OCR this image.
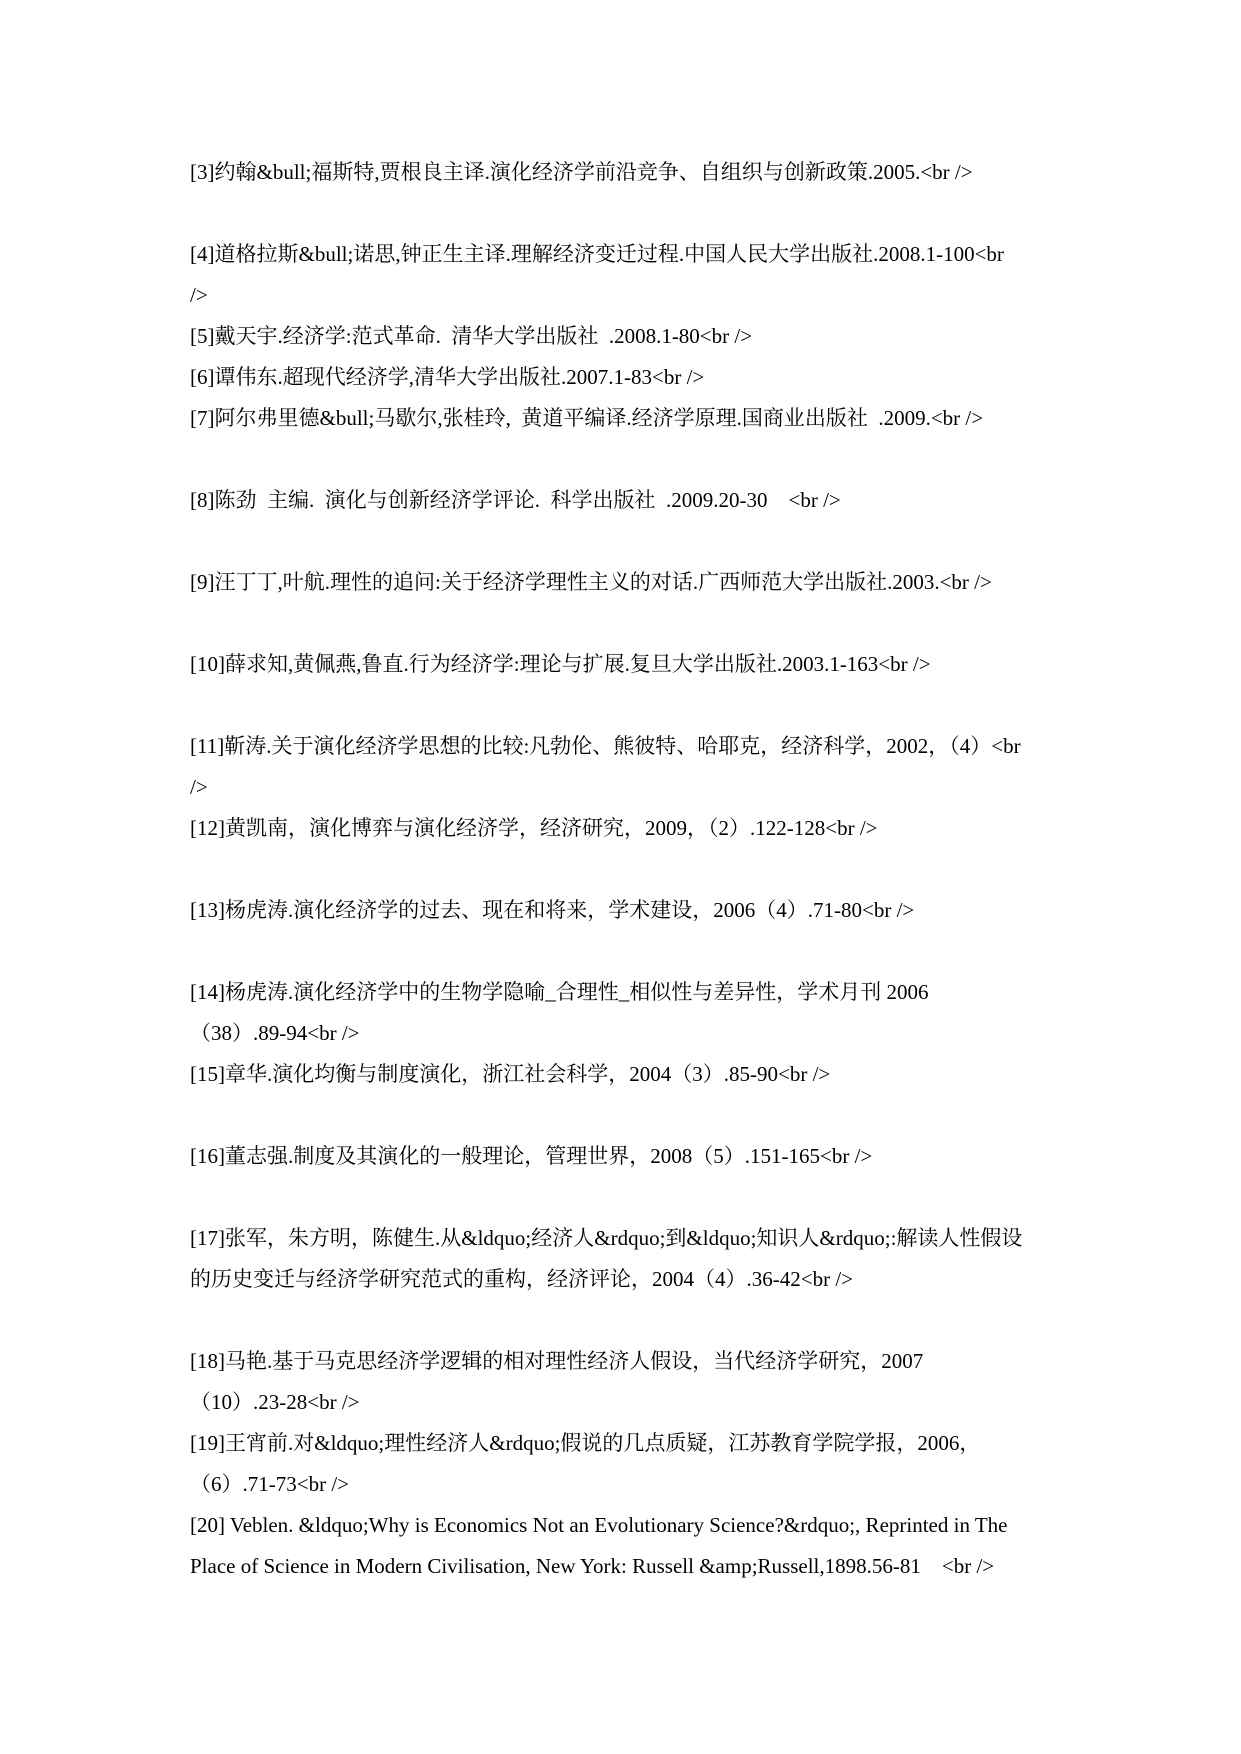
[3]约翰&bull;福斯特,贾根良主译.演化经济学前沿竞争、自组织与创新政策.2005.<br />
[4]道格拉斯&bull;诺思,钟正生主译.理解经济变迁过程.中国人民大学出版社.2008.1-100<br
/>
[5]戴天宇.经济学:范式革命.  清华大学出版社  .2008.1-80<br />
[6]谭伟东.超现代经济学,清华大学出版社.2007.1-83<br />
[7]阿尔弗里德&bull;马歇尔,张桂玲,  黄道平编译.经济学原理.国商业出版社  .2009.<br />
[8]陈劲  主编.  演化与创新经济学评论.  科学出版社  .2009.20-30    <br />
[9]汪丁丁,叶航.理性的追问:关于经济学理性主义的对话.广西师范大学出版社.2003.<br />
[10]薛求知,黄佩燕,鲁直.行为经济学:理论与扩展.复旦大学出版社.2003.1-163<br />
[11]靳涛.关于演化经济学思想的比较:凡勃伦、熊彼特、哈耶克，经济科学，2002，（4）<br
/>
[12]黄凯南，演化博弈与演化经济学，经济研究，2009，（2）.122-128<br />
[13]杨虎涛.演化经济学的过去、现在和将来，学术建设，2006（4）.71-80<br />
[14]杨虎涛.演化经济学中的生物学隐喻_合理性_相似性与差异性，学术月刊 2006
（38）.89-94<br />
[15]章华.演化均衡与制度演化，浙江社会科学，2004（3）.85-90<br />
[16]董志强.制度及其演化的一般理论，管理世界，2008（5）.151-165<br />
[17]张军，朱方明，陈健生.从&ldquo;经济人&rdquo;到&ldquo;知识人&rdquo;:解读人性假设
的历史变迁与经济学研究范式的重构，经济评论，2004（4）.36-42<br />
[18]马艳.基于马克思经济学逻辑的相对理性经济人假设，当代经济学研究，2007
（10）.23-28<br />
[19]王宵前.对&ldquo;理性经济人&rdquo;假说的几点质疑，江苏教育学院学报，2006，
（6）.71-73<br />
[20] Veblen. &ldquo;Why is Economics Not an Evolutionary Science?&rdquo;, Reprinted in The
Place of Science in Modern Civilisation, New York: Russell &amp;Russell,1898.56-81    <br />
